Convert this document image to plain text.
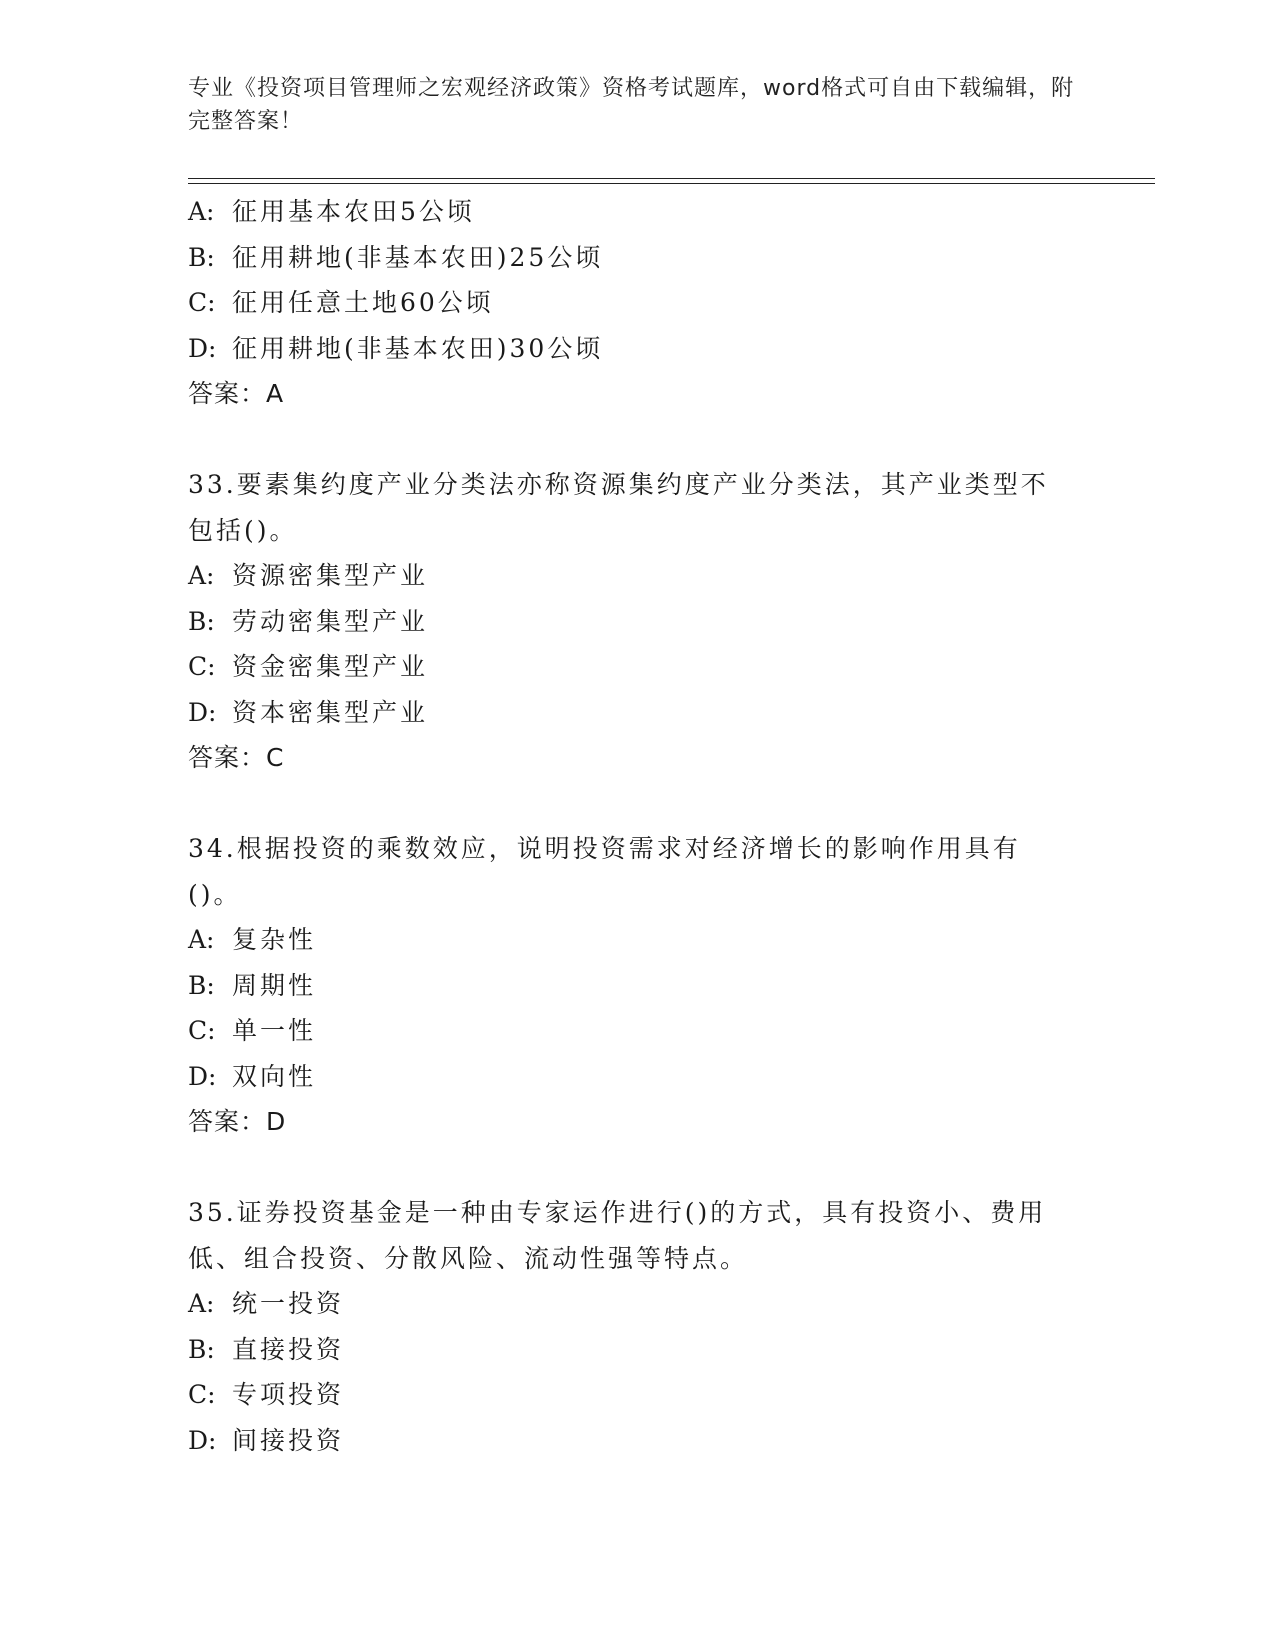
专业《投资项目管理师之宏观经济政策》资格考试题库，word格式可自由下载编辑，附完整答案！
A: 征用基本农田5公顷
B: 征用耕地(非基本农田)25公顷
C: 征用任意土地60公顷
D: 征用耕地(非基本农田)30公顷
答案：A
33.要素集约度产业分类法亦称资源集约度产业分类法，其产业类型不包括()。
A: 资源密集型产业
B: 劳动密集型产业
C: 资金密集型产业
D: 资本密集型产业
答案：C
34.根据投资的乘数效应，说明投资需求对经济增长的影响作用具有()。
A: 复杂性
B: 周期性
C: 单一性
D: 双向性
答案：D
35.证券投资基金是一种由专家运作进行()的方式，具有投资小、费用低、组合投资、分散风险、流动性强等特点。
A: 统一投资
B: 直接投资
C: 专项投资
D: 间接投资
